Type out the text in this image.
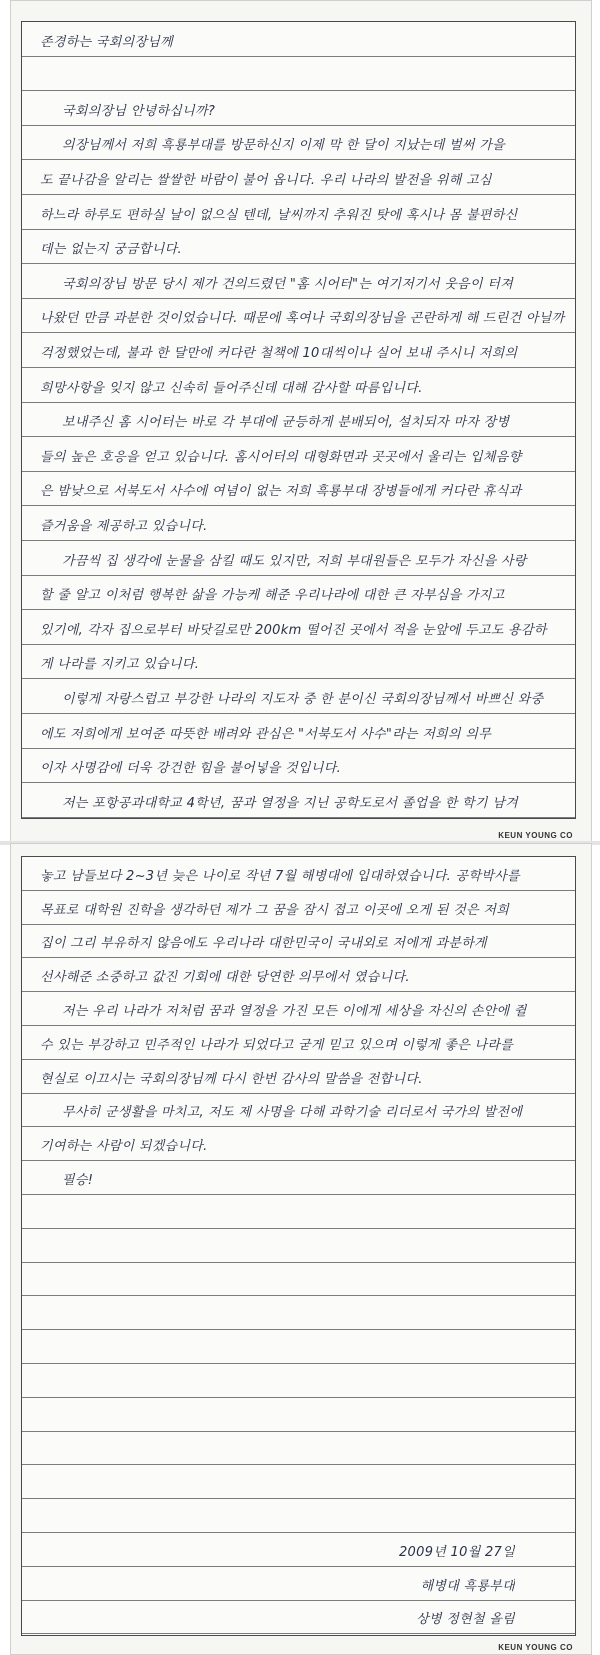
존경하는 국회의장님께
국회의장님 안녕하십니까?
의장님께서 저희 흑룡부대를 방문하신지 이제 막 한 달이 지났는데 벌써 가을
도 끝나감을 알리는 쌀쌀한 바람이 불어 옵니다. 우리 나라의 발전을 위해 고심
하느라 하루도 편하실 날이 없으실 텐데, 날씨까지 추워진 탓에 혹시나 몸 불편하신
데는 없는지 궁금합니다.
국회의장님 방문 당시 제가 건의드렸던 "홈 시어터"는 여기저기서 웃음이 터져
나왔던 만큼 과분한 것이었습니다. 때문에 혹여나 국회의장님을 곤란하게 해 드린건 아닐까
걱정했었는데, 불과 한 달만에 커다란 철책에 10대씩이나 실어 보내 주시니 저희의
희망사항을 잊지 않고 신속히 들어주신데 대해 감사할 따름입니다.
보내주신 홈 시어터는 바로 각 부대에 균등하게 분배되어, 설치되자 마자 장병
들의 높은 호응을 얻고 있습니다. 홈시어터의 대형화면과 곳곳에서 울리는 입체음향
은 밤낮으로 서북도서 사수에 여념이 없는 저희 흑룡부대 장병들에게 커다란 휴식과
즐거움을 제공하고 있습니다.
가끔씩 집 생각에 눈물을 삼킬 때도 있지만, 저희 부대원들은 모두가 자신을 사랑
할 줄 알고 이처럼 행복한 삶을 가능케 해준 우리나라에 대한 큰 자부심을 가지고
있기에, 각자 집으로부터 바닷길로만 200km 떨어진 곳에서 적을 눈앞에 두고도 용감하
게 나라를 지키고 있습니다.
이렇게 자랑스럽고 부강한 나라의 지도자 중 한 분이신 국회의장님께서 바쁘신 와중
에도 저희에게 보여준 따뜻한 배려와 관심은 "서북도서 사수"라는 저희의 의무
이자 사명감에 더욱 강건한 힘을 불어넣을 것입니다.
저는 포항공과대학교 4학년, 꿈과 열정을 지닌 공학도로서 졸업을 한 학기 남겨
KEUN YOUNG CO
놓고 남들보다 2~3년 늦은 나이로 작년 7월 해병대에 입대하였습니다. 공학박사를
목표로 대학원 진학을 생각하던 제가 그 꿈을 잠시 접고 이곳에 오게 된 것은 저희
집이 그리 부유하지 않음에도 우리나라 대한민국이 국내외로 저에게 과분하게
선사해준 소중하고 값진 기회에 대한 당연한 의무에서 였습니다.
저는 우리 나라가 저처럼 꿈과 열정을 가진 모든 이에게 세상을 자신의 손안에 쥘
수 있는 부강하고 민주적인 나라가 되었다고 굳게 믿고 있으며 이렇게 좋은 나라를
현실로 이끄시는 국회의장님께 다시 한번 감사의 말씀을 전합니다.
무사히 군생활을 마치고, 저도 제 사명을 다해 과학기술 리더로서 국가의 발전에
기여하는 사람이 되겠습니다.
필승!
2009년 10월 27일
해병대 흑룡부대
상병 정현철 올림
KEUN YOUNG CO
